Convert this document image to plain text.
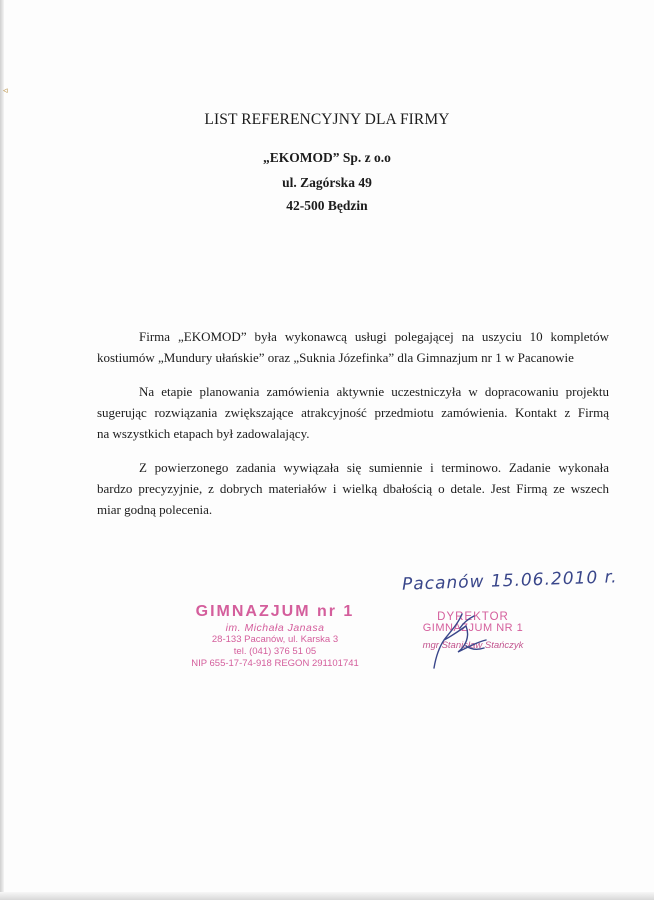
◃
LIST REFERENCYJNY DLA FIRMY
„EKOMOD” Sp. z o.o
ul. Zagórska 49
42-500 Będzin
Firma „EKOMOD” była wykonawcą usługi polegającej na uszyciu 10 kompletów
kostiumów „Mundury ułańskie” oraz „Suknia Józefinka” dla Gimnazjum nr 1 w Pacanowie
Na etapie planowania zamówienia aktywnie uczestniczyła w dopracowaniu projektu
sugerując rozwiązania zwiększające atrakcyjność przedmiotu zamówienia. Kontakt z Firmą
na wszystkich etapach był zadowalający.
Z powierzonego zadania wywiązała się sumiennie i terminowo. Zadanie wykonała
bardzo precyzyjnie, z dobrych materiałów i wielką dbałością o detale. Jest Firmą ze wszech
miar godną polecenia.
Pacanów 15.06.2010 r.
GIMNAZJUM nr 1
im. Michała Janasa
28-133 Pacanów, ul. Karska 3
tel. (041) 376 51 05
NIP 655-17-74-918 REGON 291101741
DYREKTOR
GIMNAZJUM NR 1
mgr Stanisław Stańczyk
